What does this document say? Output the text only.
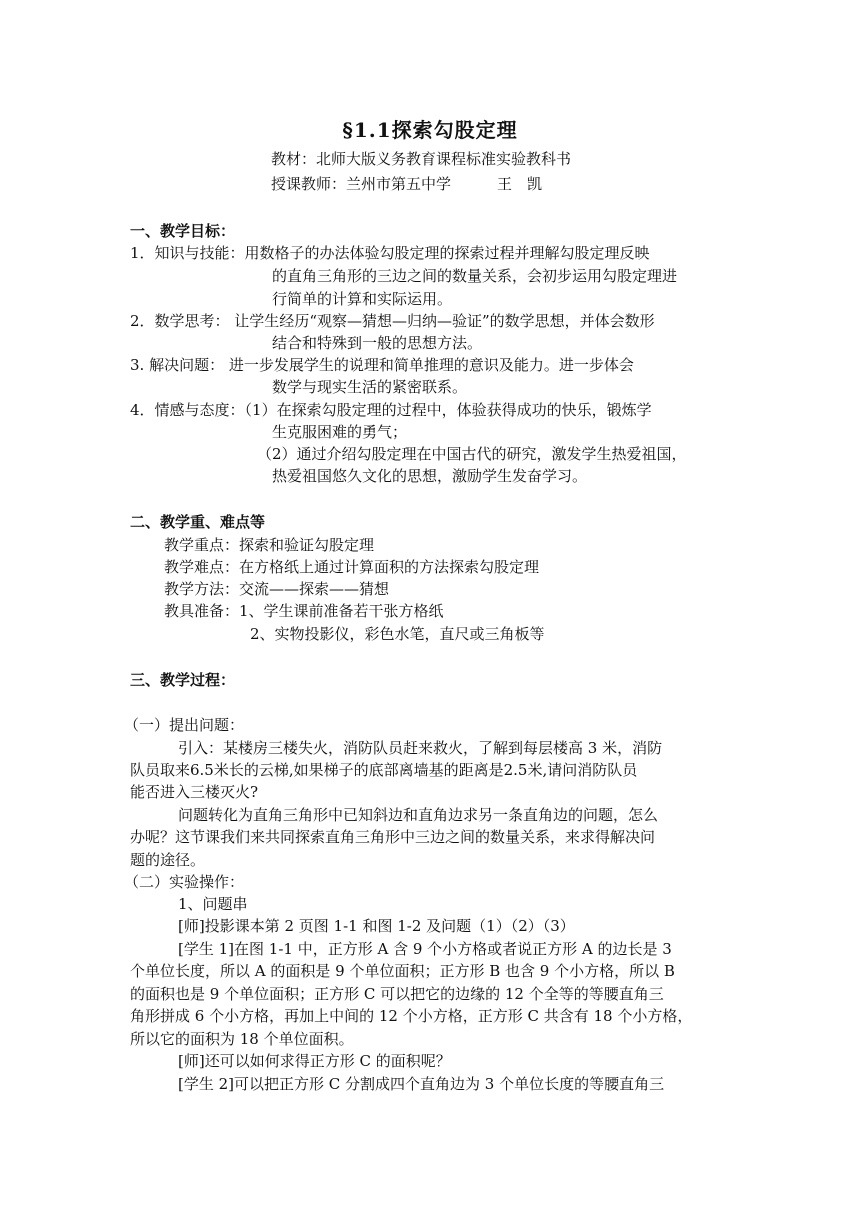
§1.1探索勾股定理
教材：北师大版义务教育课程标准实验教科书
授课教师：兰州市第五中学	王　凯
一、教学目标：
1．知识与技能：用数格子的办法体验勾股定理的探索过程并理解勾股定理反映
的直角三角形的三边之间的数量关系，会初步运用勾股定理进
行简单的计算和实际运用。
2．数学思考： 让学生经历“观察—猜想—归纳—验证”的数学思想，并体会数形
结合和特殊到一般的思想方法。
3. 解决问题： 进一步发展学生的说理和简单推理的意识及能力。进一步体会
数学与现实生活的紧密联系。
4．情感与态度：（1）在探索勾股定理的过程中，体验获得成功的快乐，锻炼学
生克服困难的勇气；
（2）通过介绍勾股定理在中国古代的研究，激发学生热爱祖国，
热爱祖国悠久文化的思想，激励学生发奋学习。
二、教学重、难点等
教学重点：探索和验证勾股定理
教学难点：在方格纸上通过计算面积的方法探索勾股定理
教学方法：交流——探索——猜想
教具准备：1、学生课前准备若干张方格纸
2、实物投影仪，彩色水笔，直尺或三角板等
三、教学过程：
（一）提出问题：
引入：某楼房三楼失火，消防队员赶来救火，了解到每层楼高 3 米，消防
队员取来6.5米长的云梯,如果梯子的底部离墙基的距离是2.5米,请问消防队员
能否进入三楼灭火?
问题转化为直角三角形中已知斜边和直角边求另一条直角边的问题，怎么
办呢？这节课我们来共同探索直角三角形中三边之间的数量关系，来求得解决问
题的途径。
（二）实验操作：
1、问题串
[师]投影课本第 2 页图 1-1 和图 1-2 及问题（1）（2）（3）
[学生 1]在图 1-1 中，正方形 A 含 9 个小方格或者说正方形 A 的边长是 3
个单位长度，所以 A 的面积是 9 个单位面积；正方形 B 也含 9 个小方格，所以 B
的面积也是 9 个单位面积；正方形 C 可以把它的边缘的 12 个全等的等腰直角三
角形拼成 6 个小方格，再加上中间的 12 个小方格，正方形 C 共含有 18 个小方格，
所以它的面积为 18 个单位面积。
[师]还可以如何求得正方形 C 的面积呢？
[学生 2]可以把正方形 C 分割成四个直角边为 3 个单位长度的等腰直角三
